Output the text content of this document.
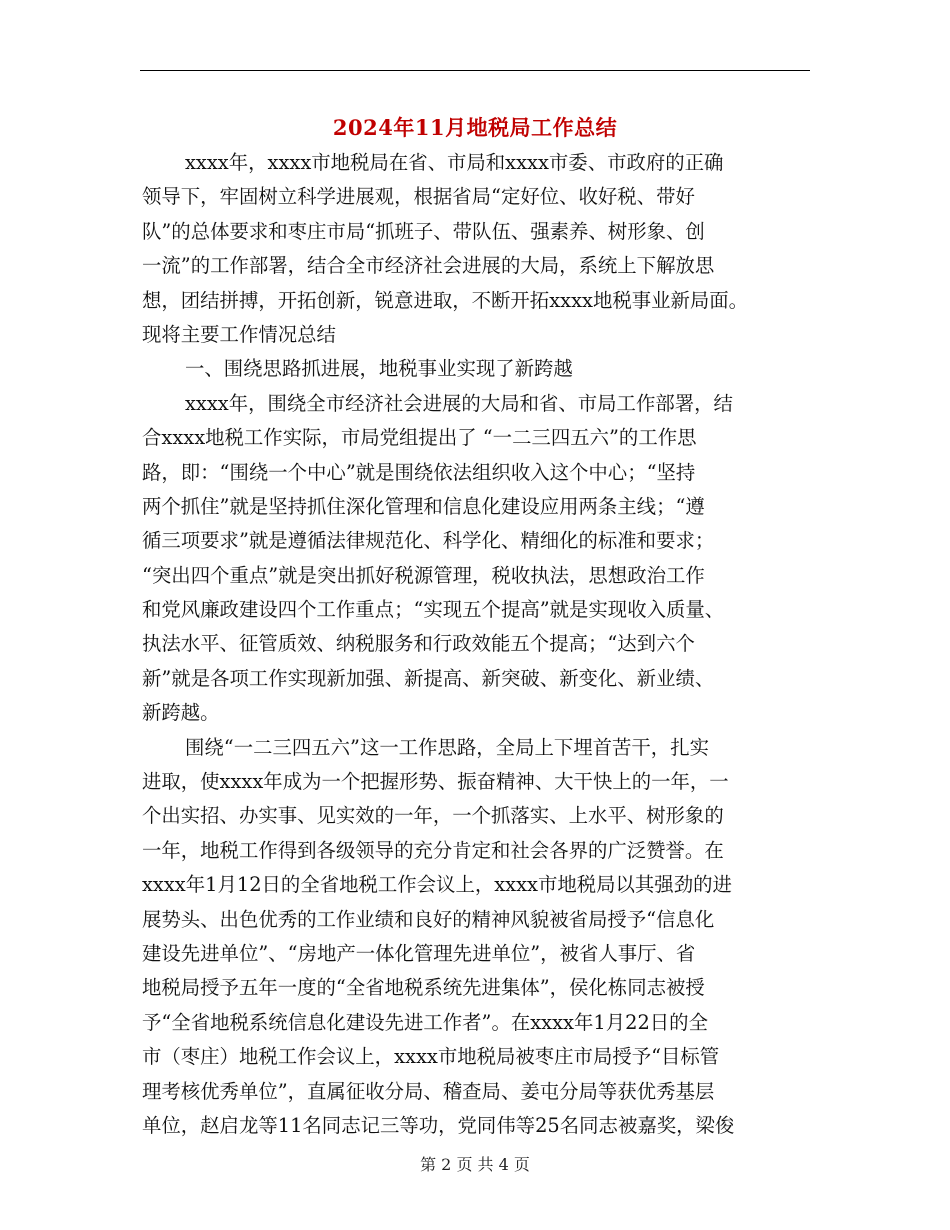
2024年11月地税局工作总结
xxxx年，xxxx市地税局在省、市局和xxxx市委、市政府的正确
领导下，牢固树立科学进展观，根据省局“定好位、收好税、带好
队”的总体要求和枣庄市局“抓班子、带队伍、强素养、树形象、创
一流”的工作部署，结合全市经济社会进展的大局，系统上下解放思
想，团结拼搏，开拓创新，锐意进取，不断开拓xxxx地税事业新局面。
现将主要工作情况总结
一、围绕思路抓进展，地税事业实现了新跨越
xxxx年，围绕全市经济社会进展的大局和省、市局工作部署，结
合xxxx地税工作实际，市局党组提出了 “一二三四五六”的工作思
路，即：“围绕一个中心”就是围绕依法组织收入这个中心；“坚持
两个抓住”就是坚持抓住深化管理和信息化建设应用两条主线；“遵
循三项要求”就是遵循法律规范化、科学化、精细化的标准和要求；
“突出四个重点”就是突出抓好税源管理，税收执法，思想政治工作
和党风廉政建设四个工作重点；“实现五个提高”就是实现收入质量、
执法水平、征管质效、纳税服务和行政效能五个提高；“达到六个
新”就是各项工作实现新加强、新提高、新突破、新变化、新业绩、
新跨越。
围绕“一二三四五六”这一工作思路，全局上下埋首苦干，扎实
进取，使xxxx年成为一个把握形势、振奋精神、大干快上的一年，一
个出实招、办实事、见实效的一年，一个抓落实、上水平、树形象的
一年，地税工作得到各级领导的充分肯定和社会各界的广泛赞誉。在
xxxx年1月12日的全省地税工作会议上，xxxx市地税局以其强劲的进
展势头、出色优秀的工作业绩和良好的精神风貌被省局授予“信息化
建设先进单位”、“房地产一体化管理先进单位”，被省人事厅、省
地税局授予五年一度的“全省地税系统先进集体”，侯化栋同志被授
予“全省地税系统信息化建设先进工作者”。在xxxx年1月22日的全
市（枣庄）地税工作会议上，xxxx市地税局被枣庄市局授予“目标管
理考核优秀单位”，直属征收分局、稽查局、姜屯分局等获优秀基层
单位，赵启龙等11名同志记三等功，党同伟等25名同志被嘉奖，梁俊
第 2 页 共 4 页
